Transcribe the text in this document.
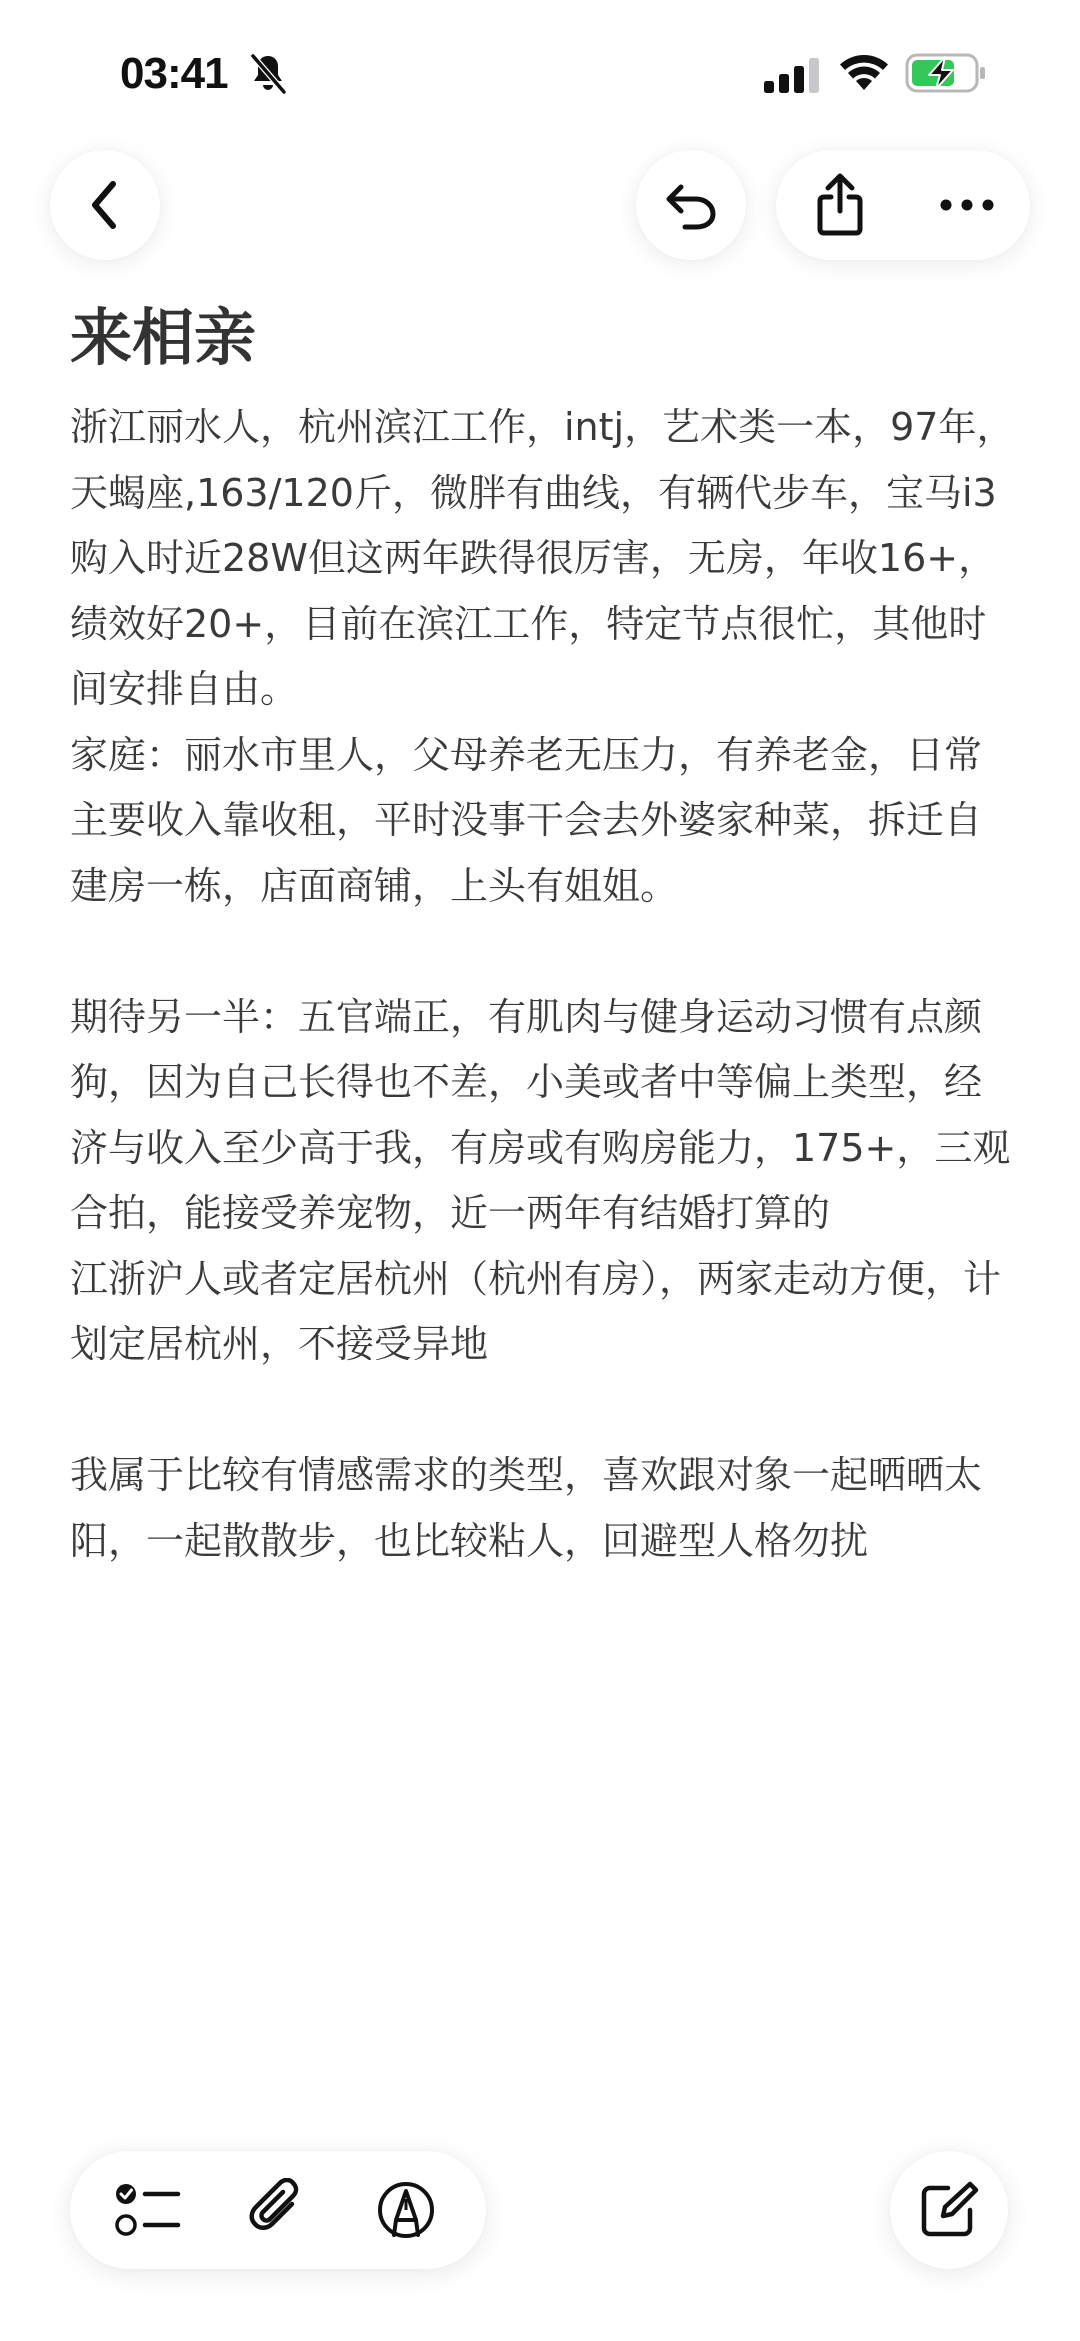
03:41
来相亲

浙江丽水人，杭州滨江工作，intj，艺术类一本，97年，天蝎座,163/120斤，微胖有曲线，有辆代步车，宝马i3购入时近28W但这两年跌得很厉害，无房，年收16+，绩效好20+，目前在滨江工作，特定节点很忙，其他时间安排自由。

家庭：丽水市里人，父母养老无压力，有养老金，日常主要收入靠收租，平时没事干会去外婆家种菜，拆迁自建房一栋，店面商铺，上头有姐姐。

期待另一半：五官端正，有肌肉与健身运动习惯有点颜狗，因为自己长得也不差，小美或者中等偏上类型，经济与收入至少高于我，有房或有购房能力，175+，三观合拍，能接受养宠物，近一两年有结婚打算的

江浙沪人或者定居杭州（杭州有房），两家走动方便，计划定居杭州，不接受异地

我属于比较有情感需求的类型，喜欢跟对象一起晒晒太阳，一起散散步，也比较粘人，回避型人格勿扰
